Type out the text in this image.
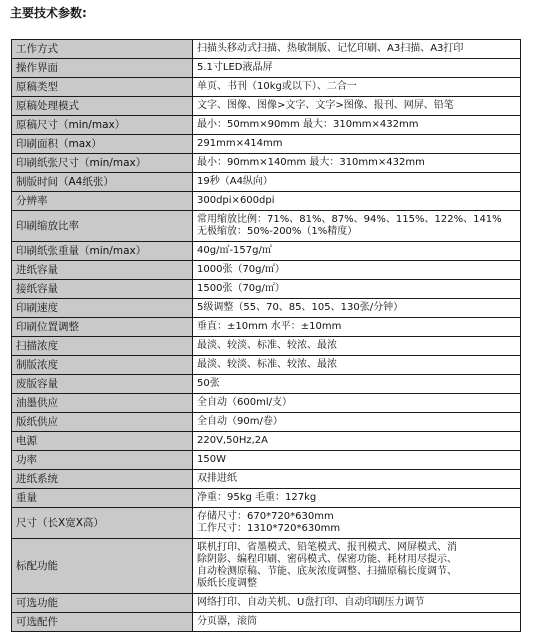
主要技术参数:
工作方式	扫描头移动式扫描、热敏制版、记忆印刷、A3扫描、A3打印

操作界面	5.1寸LED液晶屏

原稿类型	单页、书刊（10kg或以下）、二合一

原稿处理模式	文字、图像、图像>文字、文字>图像、报刊、网屏、铅笔

原稿尺寸（min/max）	最小：50mm×90mm 最大：310mm×432mm

印刷面积（max）	291mm×414mm

印刷纸张尺寸（min/max）	最小：90mm×140mm 最大：310mm×432mm

制版时间（A4纸张）	19秒（A4纵向）

分辨率	300dpi×600dpi

印刷缩放比率	常用缩放比例：71%、81%、87%、94%、115%、122%、141%
无极缩放：50%-200%（1%精度）

印刷纸张重量（min/max）	40g/㎡-157g/㎡

进纸容量	1000张（70g/㎡）

接纸容量	1500张（70g/㎡）

印刷速度	5级调整（55、70、85、105、130张/分钟）

印刷位置调整	垂直：±10mm 水平：±10mm

扫描浓度	最淡、较淡、标准、较浓、最浓

制版浓度	最淡、较淡、标准、较浓、最浓

废版容量	50张

油墨供应	全自动（600ml/支）

版纸供应	全自动（90m/卷）

电源	220V,50Hz,2A

功率	150W

进纸系统	双排进纸

重量	净重：95kg 毛重：127kg

尺寸（长X宽X高）	存储尺寸：670*720*630mm
工作尺寸：1310*720*630mm

标配功能	联机打印、省墨模式、铅笔模式、报刊模式、网屏模式、消
除阴影、编程印刷、密码模式、保密功能、耗材用尽提示、
自动检测原稿、节能、底灰浓度调整、扫描原稿长度调节、
版纸长度调整

可选功能	网络打印、自动关机、U盘打印、自动印刷压力调节

可选配件	分页器，滚筒
